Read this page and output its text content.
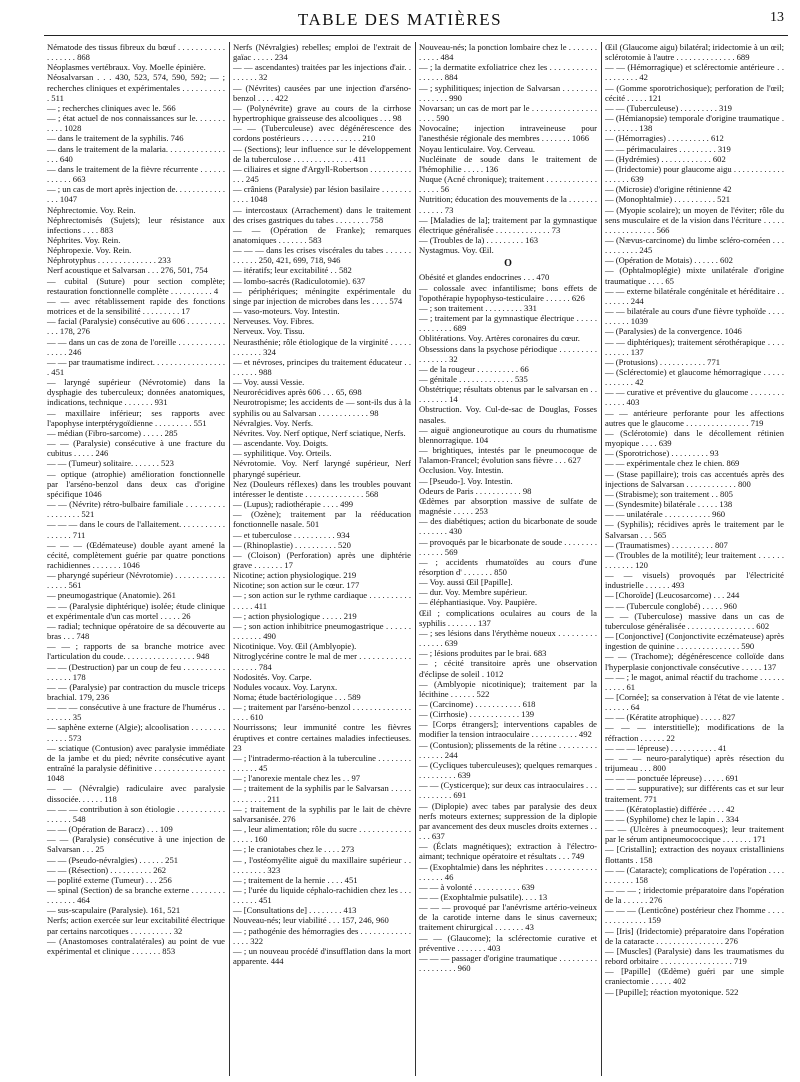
TABLE DES MATIÈRES	13

Nématode des tissus fibreux du bœuf . . . . . . . . . . . . . . . . . . 868

Néoplasmes vertébraux. Voy. Moelle épinière.

Néosalvarsan . . . 430, 523, 574, 590, 592; — ; recherches cliniques et expérimentales . . . . . . . . . . . 511

— ; recherches cliniques avec le. 566

— ; état actuel de nos connaissances sur le. . . . . . . . . . . 1028

— dans le traitement de la syphilis. 746

— dans le traitement de la malaria. . . . . . . . . . . . . . . . . 640

— dans le traitement de la fièvre récurrente . . . . . . . . . . . . 663

— ; un cas de mort après injection de. . . . . . . . . . . . . . . 1047

Néphrectomie. Voy. Rein.

Néphrectomisés (Sujets); leur résistance aux infections . . . . 883

Néphrites. Voy. Rein.

Néphropexie. Voy. Rein.

Néphrotyphus . . . . . . . . . . . . . . 233

Nerf acoustique et Salvarsan . . . 276, 501, 754

— cubital (Suture) pour section complète; restauration fonctionnelle complète . . . . . . . . . . 4

— — avec rétablissement rapide des fonctions motrices et de la sensibilité . . . . . . . . . 17

— facial (Paralysie) consécutive au 606 . . . . . . . . . . . . 178, 276

— — dans un cas de zona de l'oreille . . . . . . . . . . . . . . . . 246

— — par traumatisme indirect. . . . . . . . . . . . . . . . . . 451

— laryngé supérieur (Névrotomie) dans la dysphagie des tuberculeux; données anatomiques, indications, technique . . . . . . . 931

— maxillaire inférieur; ses rapports avec l'apophyse interptérygoïdienne . . . . . . . . . 551

— médian (Fibro-sarcome) . . . . . 285

— — (Paralysie) consécutive à une fracture du cubitus . . . . . 246

— — (Tumeur) solitaire. . . . . . . 523

— optique (atrophie) amélioration fonctionnelle par l'arséno-benzol dans deux cas d'origine spécifique 1046

— — (Névrite) rétro-bulbaire familiale . . . . . . . . . . . . . . . . . 521

— — — dans le cours de l'allaitement. . . . . . . . . . . . . . . . . 711

— — — (Œdémateuse) double ayant amené la cécité, complètement guérie par quatre ponctions rachidiennes . . . . . . . 1046

— pharyngé supérieur (Névrotomie) . . . . . . . . . . . . . . . . . 561

— pneumogastrique (Anatomie). 261

— — (Paralysie diphtérique) isolée; étude clinique et expérimentale d'un cas mortel . . . . . 26

— radial; technique opératoire de sa découverte au bras . . . 748

— — ; rapports de sa branche motrice avec l'articulation du coude. . . . . . . . . . . . . . . . . 948

— — (Destruction) par un coup de feu . . . . . . . . . . . . . . . . 178

— — (Paralysie) par contraction du muscle triceps brachial. 179, 236

— — — consécutive à une fracture de l'humérus . . . . . . . . 35

— saphène externe (Algie); alcoolisation . . . . . . . . . . . . . 573

— sciatique (Contusion) avec paralysie immédiate de la jambe et du pied; névrite consécutive ayant entraîné la paralysie définitive . . . . . . . . . . . . . . . . 1048

— — (Névralgie) radiculaire avec paralysie dissociée. . . . . . 118

— — — contribution à son étiologie . . . . . . . . . . . . . . . . . 548

— — (Opération de Baracz) . . . 109

— — (Paralysie) consécutive à une injection de Salvarsan . . . 25

— — (Pseudo-névralgies) . . . . . . 251

— — (Résection) . . . . . . . . . . 262

— poplité externe (Tumeur) . . . 256

— spinal (Section) de sa branche externe . . . . . . . . . . . . . . . 464

— sus-scapulaire (Paralysie). 161, 521

Nerfs; action exercée sur leur excitabilité électrique par certains narcotiques . . . . . . . . . . 32

— (Anastomoses contralatérales) au point de vue expérimental et clinique . . . . . . . 853

Nerfs (Névralgies) rebelles; emploi de l'extrait de gaïac . . . . . 234

— — ascendantes) traitées par les injections d'air. . . . . . . . 32

— (Névrites) causées par une injection d'arséno-benzol . . . . 422

— (Polynévrite) grave au cours de la cirrhose hypertrophique graisseuse des alcooliques . . . 98

— — (Tuberculeuse) avec dégénérescence des cordons postérieurs . . . . . . . . . . . . . . 210

— (Sections); leur influence sur le développement de la tuberculose . . . . . . . . . . . . . . 411

— ciliaires et signe d'Argyll-Robertson . . . . . . . . . . . . . 245

— crâniens (Paralysie) par lésion basilaire . . . . . . . . . . . 1048

— intercostaux (Arrachement) dans le traitement des crises gastriques du tabes . . . . . . . . 758

— — (Opération de Franke); remarques anatomiques . . . . . . . 583

— — — dans les crises viscérales du tabes . . . . . . . . . . . . 250, 421, 699, 718, 946

— itératifs; leur excitabilité . . 582

— lombo-sacrés (Radiculotomie). 637

— périphériques; méningite expérimentale du singe par injection de microbes dans les . . . . 574

— vaso-moteurs. Voy. Intestin.

Nerveuses. Voy. Fibres.

Nerveux. Voy. Tissu.

Neurasthénie; rôle étiologique de la virginité . . . . . . . . . . . . 324

— et névroses, principes du traitement éducateur . . . . . . . . 988

— Voy. aussi Vessie.

Neurorécidives après 606 . . . 65, 698

Neurotropisme; les accidents de — sont-ils dus à la syphilis ou au Salvarsan . . . . . . . . . . . . 98

Névralgies. Voy. Nerfs.

Névrites. Voy. Nerf optique, Nerf sciatique, Nerfs.

— ascendante. Voy. Doigts.

— syphilitique. Voy. Orteils.

Névrotomie. Voy. Nerf laryngé supérieur, Nerf pharyngé supérieur.

Nez (Douleurs réflexes) dans les troubles pouvant intéresser le dentiste . . . . . . . . . . . . . . 568

— (Lupus); radiothérapie . . . . 499

— (Ozène); traitement par la rééducation fonctionnelle nasale. 501

— et tuberculose . . . . . . . . . . 934

— (Rhinoplastie) . . . . . . . . . . 520

— (Cloison) (Perforation) après une diphtérie grave . . . . . . . 17

Nicotine; action physiologique. 219

Nicotine; son action sur le cœur. 177

— ; son action sur le rythme cardiaque . . . . . . . . . . . . . . . 411

— ; action physiologique . . . . . 219

— ; son action inhibitrice pneumogastrique . . . . . . . . . . . . . 490

Nicotinique. Voy. Œil (Amblyopie).

Nitroglycérine contre le mal de mer . . . . . . . . . . . . . . . . . . 784

Nodosités. Voy. Carpe.

Nodules vocaux. Voy. Larynx.

Noma; étude bactériologique . . . 589

— ; traitement par l'arséno-benzol . . . . . . . . . . . . . . . . . . 610

Nourrissons; leur immunité contre les fièvres éruptives et contre certaines maladies infectieuses. 23

— ; l'intradermo-réaction à la tuberculine . . . . . . . . . . . . . . 45

— ; l'anorexie mentale chez les . . 97

— ; traitement de la syphilis par le Salvarsan . . . . . . . . . . . . . 211

— ; traitement de la syphilis par le lait de chèvre salvarsanisée. 276

— , leur alimentation; rôle du sucre . . . . . . . . . . . . . . . . . 160

— ; le craniotabes chez le . . . . 273

— , l'ostéomyélite aiguë du maxillaire supérieur . . . . . . . . . . 323

— ; traitement de la hernie . . . . 451

— ; l'urée du liquide céphalo-rachidien chez les . . . . . . . . . 451

— [Consultations de] . . . . . . . . 413

Nouveau-nés; leur viabilité . . . 157, 246, 960

— ; pathogénie des hémorragies des . . . . . . . . . . . . . . . . 322

— ; un nouveau procédé d'insufflation dans la mort apparente. 444

Nouveau-nés; la ponction lombaire chez le . . . . . . . . . . . . 484

— ; la dermatite exfoliatrice chez les . . . . . . . . . . . . . . . . . 884

— ; syphilitiques; injection de Salvarsan . . . . . . . . . . . . . . . 990

Novarsan; un cas de mort par le . . . . . . . . . . . . . . . . . . . 590

Novocaïne; injection intraveineuse pour l'anesthésie régionale des membres . . . . . . . 1066

Noyau lenticulaire. Voy. Cerveau.

Nucléinate de soude dans le traitement de l'hémophilie . . . . . 136

Nuque (Acné chronique); traitement . . . . . . . . . . . . . . . . . 56

Nutrition; éducation des mouvements de la . . . . . . . . . . . . . 73

— [Maladies de la]; traitement par la gymnastique électrique généralisée . . . . . . . . . . . . . 73

— (Troubles de la) . . . . . . . . . 163

Nystagmus. Voy. Œil.

O

Obésité et glandes endocrines . . . 470

— colossale avec infantilisme; bons effets de l'opothérapie hypophyso-testiculaire . . . . . . 626

— ; son traitement . . . . . . . . . 331

— ; traitement par la gymnastique électrique . . . . . . . . . . . . . 689

Oblitérations. Voy. Artères coronaires du cœur.

Obsessions dans la psychose périodique . . . . . . . . . . . . . . . . 32

— de la rougeur . . . . . . . . . . 66

— génitale . . . . . . . . . . . . . 535

Obstétrique; résultats obtenus par le salvarsan en . . . . . . . . . 14

Obstruction. Voy. Cul-de-sac de Douglas, Fosses nasales.

— aiguë angioneurotique au cours du rhumatisme blennorragique. 104

— brightiques, intestés par le pneumocoque de l'alamon-Francel; évolution sans fièvre . . . 627

Occlusion. Voy. Intestin.

— [Pseudo-]. Voy. Intestin.

Odeurs de Paris . . . . . . . . . . . 98

Œdèmes par absorption massive de sulfate de magnésie . . . . . 253

— des diabétiques; action du bicarbonate de soude . . . . . . . 430

— provoqués par le bicarbonate de soude . . . . . . . . . . . . . . 569

— ; accidents rhumatoïdes au cours d'une résorption d' . . . . . . . 850

— Voy. aussi Œil [Papille].

— dur. Voy. Membre supérieur.

— éléphantiasique. Voy. Paupière.

Œil ; complications oculaires au cours de la syphilis . . . . . . . 137

— ; ses lésions dans l'érythème noueux . . . . . . . . . . . . . . . 639

— ; lésions produites par le brai. 683

— ; cécité transitoire après une observation d'éclipse de soleil . 1012

— (Amblyopie nicotinique); traitement par la lécithine . . . . . . 522

— (Carcinome) . . . . . . . . . . . 618

— (Cirrhosie) . . . . . . . . . . . . 139

— [Corps étrangers]; interventions capables de modifier la tension intraoculaire . . . . . . . . . . . 492

— (Contusion); plissements de la rétine . . . . . . . . . . . . . . . 244

— (Cycliques tuberculeuses); quelques remarques . . . . . . . . . . 639

— — (Cysticerque); sur deux cas intraoculaires . . . . . . . . . . . 691

— (Diplopie) avec tabes par paralysie des deux nerfs moteurs externes; suppression de la diplopie par avancement des deux muscles droits externes . . . . . 637

— (Éclats magnétiques); extraction à l'électro-aimant; technique opératoire et résultats . . . 749

— (Exophtalmie) dans les néphrites . . . . . . . . . . . . . . . . . . 46

— — à volonté . . . . . . . . . . . 639

— — (Exophtalmie pulsatile). . . . 13

— — — provoqué par l'anévrisme artério-veineux de la carotide interne dans le sinus caverneux; traitement chirurgical . . . . . . . 43

— — (Glaucome); la sclérectomie curative et préventive . . . . . . . 403

— — — passager d'origine traumatique . . . . . . . . . . . . . . . . . . 960

Œil (Glaucome aigu) bilatéral; iridectomie à un œil; sclérotomie à l'autre . . . . . . . . . . . . . . 689

— — (Hémorragique) et sclérectomie antérieure . . . . . . . . . . 42

— (Gomme sporotrichosique); perforation de l'œil; cécité . . . . . 121

— — (Tuberculeuse) . . . . . . . . . 319

— (Hémianopsie) temporale d'origine traumatique . . . . . . . . . 138

— (Hémorragies) . . . . . . . . . . 612

— — périmaculaires . . . . . . . . . 319

— (Hydrémies) . . . . . . . . . . . . 602

— (Iridectomie) pour glaucome aigu . . . . . . . . . . . . . . . . . . 639

— (Microsie) d'origine rétinienne 42

— (Monophtalmie) . . . . . . . . . . 521

— (Myopie scolaire); un moyen de l'éviter; rôle du sens musculaire et de la vision dans l'écriture . . . . . . . . . . . . . . . . . 566

— (Nævus-carcinome) du limbe scléro-cornéen . . . . . . . . . . . 245

— (Opération de Motais) . . . . . . 602

— (Ophtalmoplégie) mixte unilatérale d'origine traumatique . . . . 65

— — externe bilatérale congénitale et héréditaire . . . . . . . . 244

— — bilatérale au cours d'une fièvre typhoïde . . . . . . . . . . 1039

— (Paralysies) de la convergence. 1046

— — diphtériques); traitement sérothérapique . . . . . . . . . . 137

— (Protusions) . . . . . . . . . . . 771

— (Sclérectomie) et glaucome hémorragique . . . . . . . . . . . . 42

— — curative et préventive du glaucome . . . . . . . . . . . . . 403

— — antérieure perforante pour les affections autres que le glaucome . . . . . . . . . . . . . . . 719

— (Sclérotomie) dans le décollement rétinien myopique . . . . 639

— (Sporotrichose) . . . . . . . . . 93

— — expérimentale chez le chien. 869

— (Stase papillaire); trois cas accentués après des injections de Salvarsan . . . . . . . . . . . . 800

— (Strabisme); son traitement . . 805

— (Syndesmite) bilatérale . . . . . 138

— — unilatérale . . . . . . . . . . . 960

— (Syphilis); récidives après le traitement par le Salvarsan . . . 565

— (Traumatismes) . . . . . . . . . . 807

— (Troubles de la motilité); leur traitement . . . . . . . . . . . . . 120

— — visuels) provoqués par l'électricité industrielle . . . . . . 493

— [Choroïde] (Leucosarcome) . . . 244

— — (Tubercule conglobé) . . . . . 960

— — (Tuberculose) massive dans un cas de tuberculose généralisée . . . . . . . . . . . . . . . . 602

— [Conjonctive] (Conjonctivite eczémateuse) après ingestion de quinine . . . . . . . . . . . . . . . 590

— — (Trachome); dégénérescence colloïde dans l'hyperplasie conjonctivale consécutive . . . . . 137

— — ; le magot, animal réactif du trachome . . . . . . . . . . . 61

— [Cornée]; sa conservation à l'état de vie latente . . . . . . . 64

— — (Kératite atrophique) . . . . . 827

— — — interstitielle); modifications de la réfraction . . . . . . 22

— — — lépreuse) . . . . . . . . . . . 41

— — — neuro-paralytique) après résection du trijumeau . . . 800

— — — ponctuée lépreuse) . . . . . 691

— — — suppurative); sur différents cas et sur leur traitement. 771

— — (Kératoplastie) différée . . . . 42

— — (Syphilome) chez le lapin . . 334

— — (Ulcères à pneumocoques); leur traitement par le sérum antipneumococcique . . . . . . . 171

— [Cristallin]; extraction des noyaux cristalliniens flottants . 158

— — (Cataracte); complications de l'opération . . . . . . . . . . . 158

— — — ; iridectomie préparatoire dans l'opération de la . . . . . . 276

— — — (Lenticône) postérieur chez l'homme . . . . . . . . . . . . . . 159

— [Iris] (Iridectomie) préparatoire dans l'opération de la cataracte . . . . . . . . . . . . . . . . 276

— [Muscles] (Paralysie) dans les traumatismes du rebord orbitaire . . . . . . . . . . . . . . . . . 719

— [Papille] (Œdème) guéri par une simple craniectomie . . . . . 402

— [Pupille]; réaction myotonique. 522
